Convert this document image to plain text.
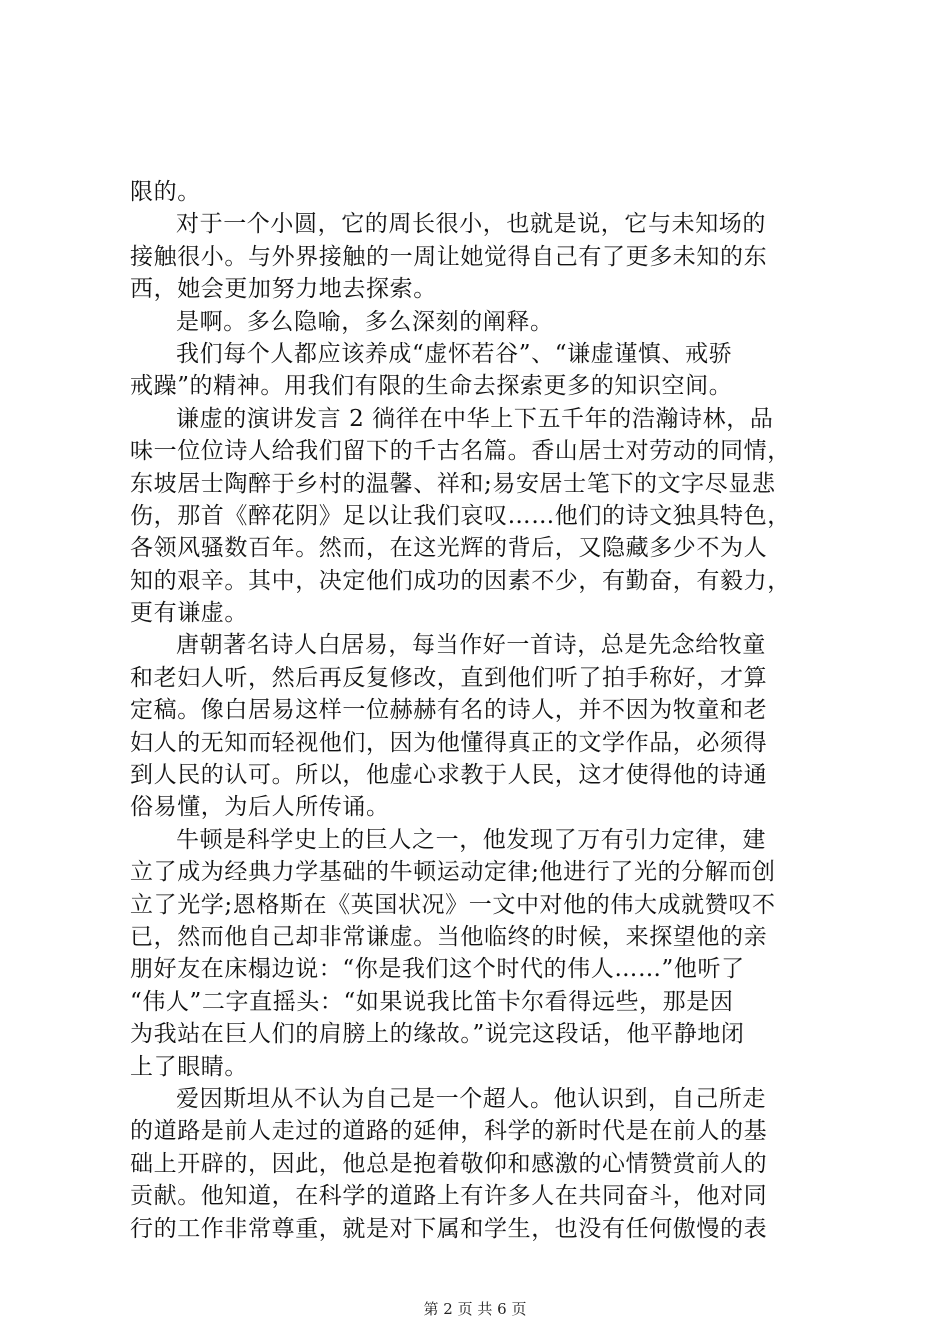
限的。

对于一个小圆，它的周长很小，也就是说，它与未知场的

接触很小。与外界接触的一周让她觉得自己有了更多未知的东

西，她会更加努力地去探索。

是啊。多么隐喻，多么深刻的阐释。

我们每个人都应该养成“虚怀若谷”、“谦虚谨慎、戒骄

戒躁”的精神。用我们有限的生命去探索更多的知识空间。

谦虚的演讲发言 2 徜徉在中华上下五千年的浩瀚诗林，品

味一位位诗人给我们留下的千古名篇。香山居士对劳动的同情，

东坡居士陶醉于乡村的温馨、祥和;易安居士笔下的文字尽显悲

伤，那首《醉花阴》足以让我们哀叹……他们的诗文独具特色，

各领风骚数百年。然而，在这光辉的背后，又隐藏多少不为人

知的艰辛。其中，决定他们成功的因素不少，有勤奋，有毅力，

更有谦虚。

唐朝著名诗人白居易，每当作好一首诗，总是先念给牧童

和老妇人听，然后再反复修改，直到他们听了拍手称好，才算

定稿。像白居易这样一位赫赫有名的诗人，并不因为牧童和老

妇人的无知而轻视他们，因为他懂得真正的文学作品，必须得

到人民的认可。所以，他虚心求教于人民，这才使得他的诗通

俗易懂，为后人所传诵。

牛顿是科学史上的巨人之一，他发现了万有引力定律，建

立了成为经典力学基础的牛顿运动定律;他进行了光的分解而创

立了光学;恩格斯在《英国状况》一文中对他的伟大成就赞叹不

已，然而他自己却非常谦虚。当他临终的时候，来探望他的亲

朋好友在床榻边说：“你是我们这个时代的伟人……”他听了

“伟人”二字直摇头：“如果说我比笛卡尔看得远些，那是因

为我站在巨人们的肩膀上的缘故。”说完这段话，他平静地闭

上了眼睛。

爱因斯坦从不认为自己是一个超人。他认识到，自己所走

的道路是前人走过的道路的延伸，科学的新时代是在前人的基

础上开辟的，因此，他总是抱着敬仰和感激的心情赞赏前人的

贡献。他知道，在科学的道路上有许多人在共同奋斗，他对同

行的工作非常尊重，就是对下属和学生，也没有任何傲慢的表

第 2 页 共 6 页
